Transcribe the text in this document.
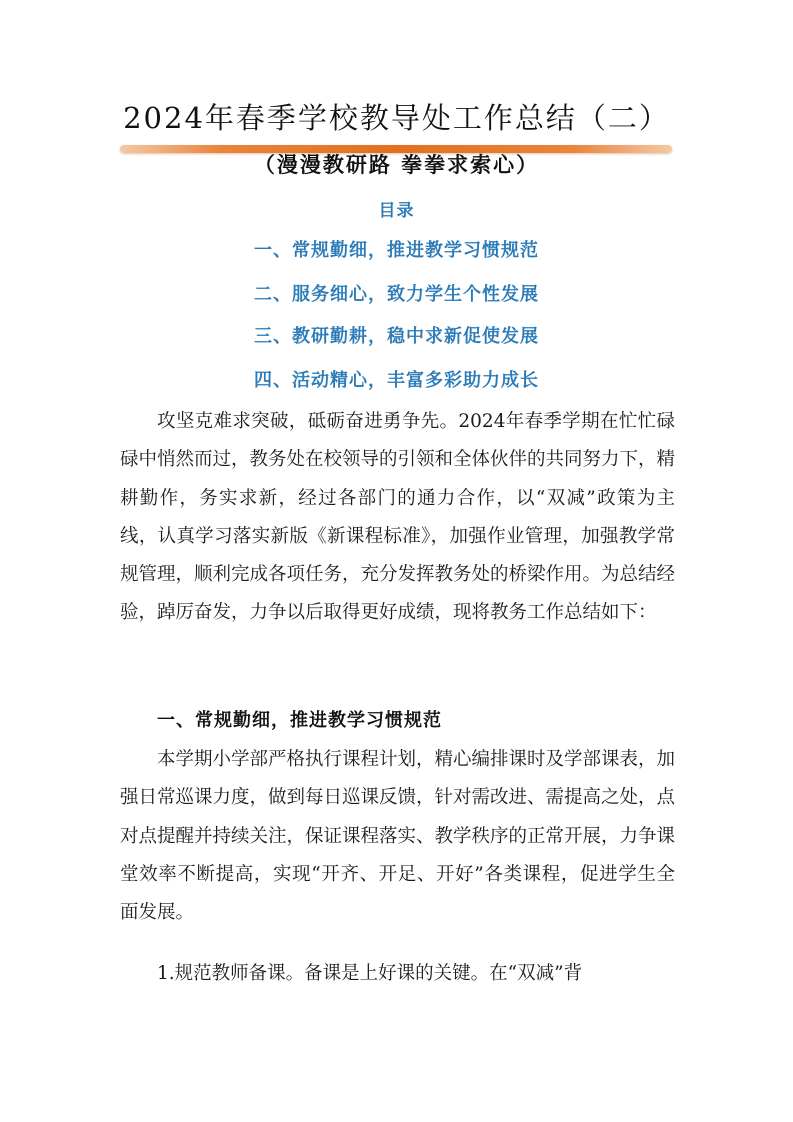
2024年春季学校教导处工作总结（二）
（漫漫教研路 拳拳求索心）
目录
一、常规勤细，推进教学习惯规范
二、服务细心，致力学生个性发展
三、教研勤耕，稳中求新促使发展
四、活动精心，丰富多彩助力成长

攻坚克难求突破，砥砺奋进勇争先。2024年春季学期在忙忙碌碌中悄然而过，教务处在校领导的引领和全体伙伴的共同努力下，精耕勤作，务实求新，经过各部门的通力合作，以“双减”政策为主线，认真学习落实新版《新课程标准》，加强作业管理，加强教学常规管理，顺利完成各项任务，充分发挥教务处的桥梁作用。为总结经验，踔厉奋发，力争以后取得更好成绩，现将教务工作总结如下：

一、常规勤细，推进教学习惯规范

本学期小学部严格执行课程计划，精心编排课时及学部课表，加强日常巡课力度，做到每日巡课反馈，针对需改进、需提高之处，点对点提醒并持续关注，保证课程落实、教学秩序的正常开展，力争课堂效率不断提高，实现“开齐、开足、开好”各类课程，促进学生全面发展。

1.规范教师备课。备课是上好课的关键。在“双减”背
